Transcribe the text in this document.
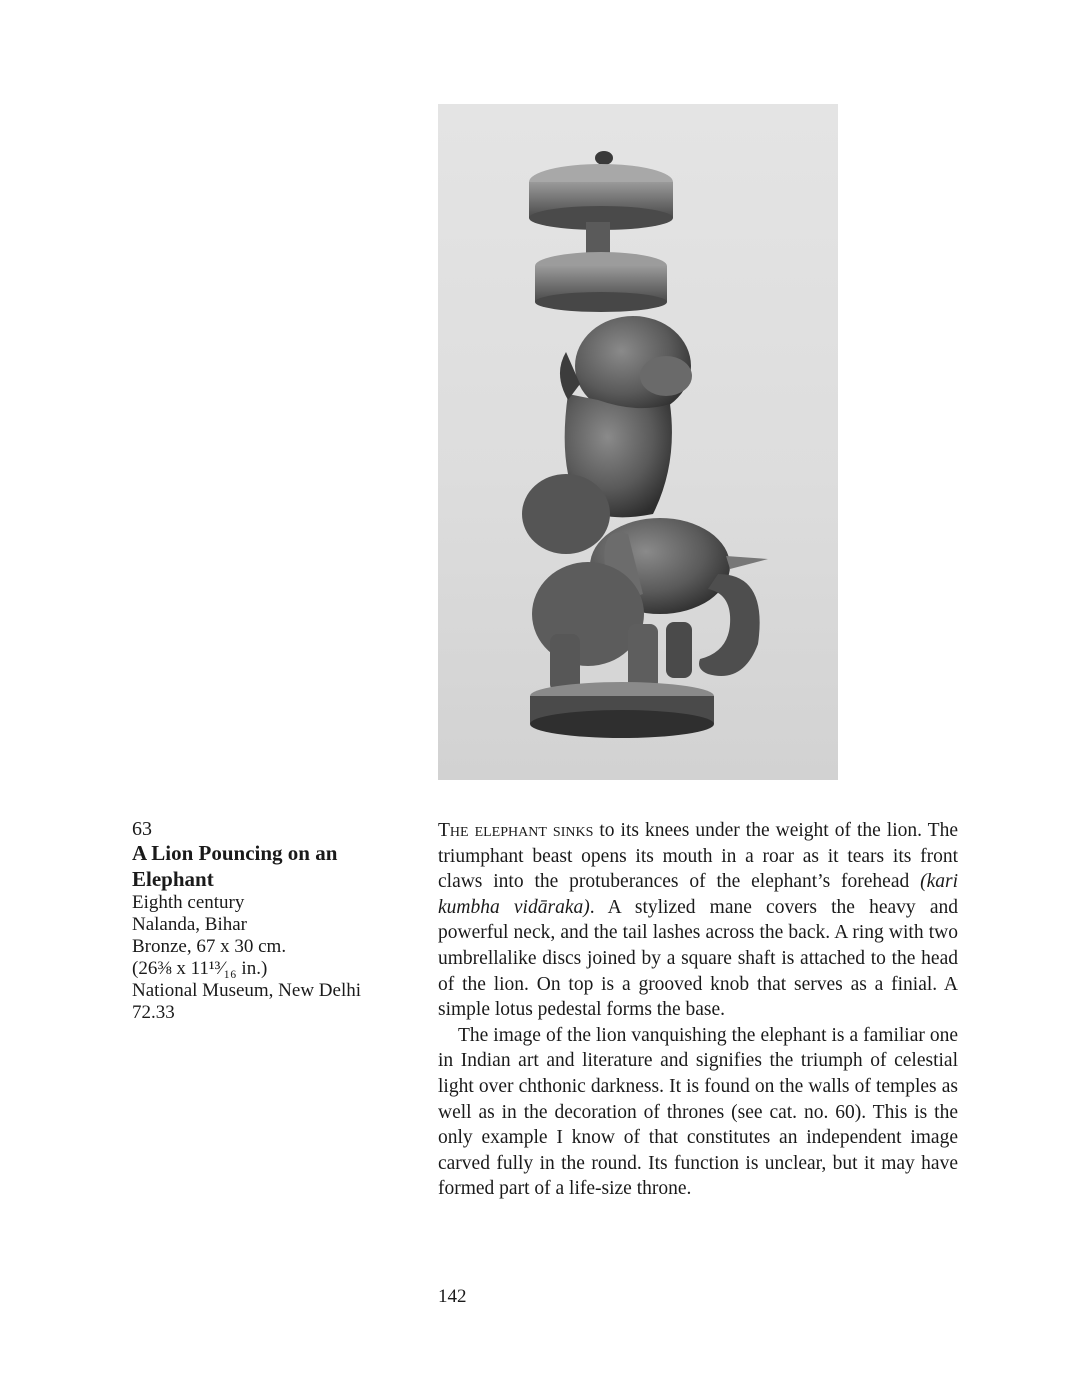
63
A Lion Pouncing on an Elephant
Eighth century
Nalanda, Bihar
Bronze, 67 x 30 cm.
(26⅜ x 11¹³⁄₁₆ in.)
National Museum, New Delhi
72.33

The elephant sinks to its knees under the weight of the lion. The triumphant beast opens its mouth in a roar as it tears its front claws into the protuberances of the elephant’s forehead (kari kumbha vidāraka). A stylized mane covers the heavy and powerful neck, and the tail lashes across the back. A ring with two umbrellalike discs joined by a square shaft is attached to the head of the lion. On top is a grooved knob that serves as a finial. A simple lotus pedestal forms the base.

The image of the lion vanquishing the elephant is a familiar one in Indian art and literature and signifies the triumph of celestial light over chthonic darkness. It is found on the walls of temples as well as in the decoration of thrones (see cat. no. 60). This is the only example I know of that constitutes an independent image carved fully in the round. Its function is unclear, but it may have formed part of a life-size throne.

142
